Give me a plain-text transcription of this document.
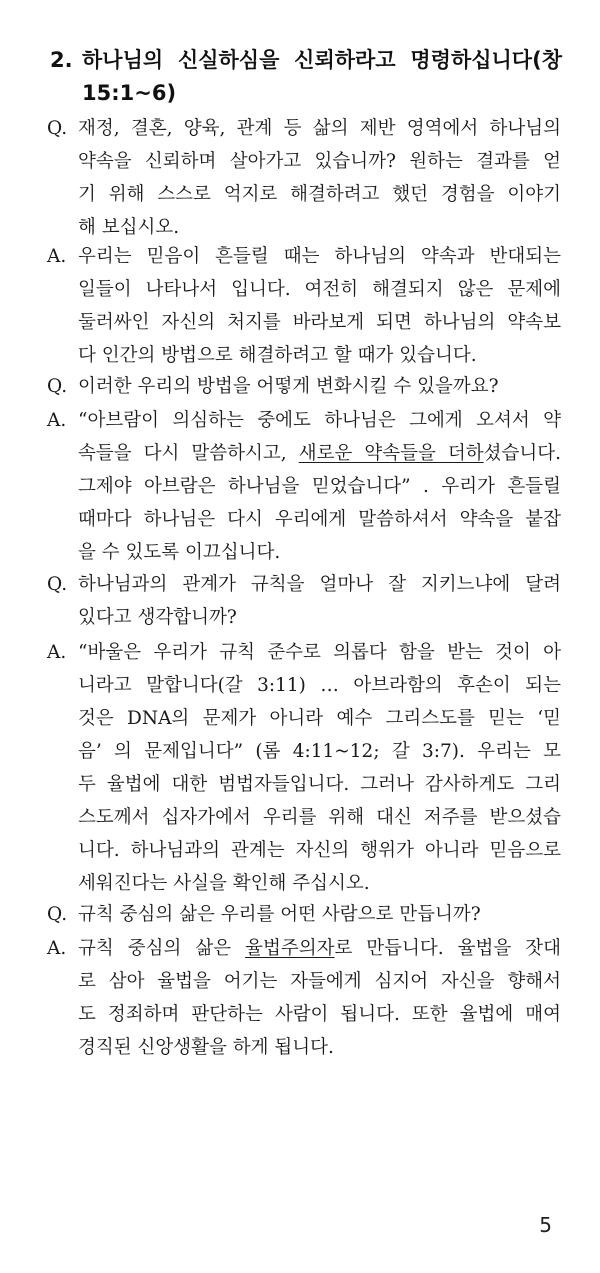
2. 하나님의 신실하심을 신뢰하라고 명령하십니다(창
15:1~6)
Q. 재정, 결혼, 양육, 관계 등 삶의 제반 영역에서 하나님의
약속을 신뢰하며 살아가고 있습니까? 원하는 결과를 얻
기 위해 스스로 억지로 해결하려고 했던 경험을 이야기
해 보십시오.
A. 우리는 믿음이 흔들릴 때는 하나님의 약속과 반대되는
일들이 나타나서 입니다. 여전히 해결되지 않은 문제에
둘러싸인 자신의 처지를 바라보게 되면 하나님의 약속보
다 인간의 방법으로 해결하려고 할 때가 있습니다.
Q. 이러한 우리의 방법을 어떻게 변화시킬 수 있을까요?
A. “아브람이 의심하는 중에도 하나님은 그에게 오셔서 약
속들을 다시 말씀하시고, 새로운 약속들을 더하셨습니다.
그제야 아브람은 하나님을 믿었습니다” . 우리가 흔들릴
때마다 하나님은 다시 우리에게 말씀하셔서 약속을 붙잡
을 수 있도록 이끄십니다.
Q. 하나님과의 관계가 규칙을 얼마나 잘 지키느냐에 달려
있다고 생각합니까?
A. “바울은 우리가 규칙 준수로 의롭다 함을 받는 것이 아
니라고 말합니다(갈 3:11) … 아브라함의 후손이 되는
것은 DNA의 문제가 아니라 예수 그리스도를 믿는 ‘믿
음’ 의 문제입니다” (롬 4:11~12; 갈 3:7). 우리는 모
두 율법에 대한 범법자들입니다. 그러나 감사하게도 그리
스도께서 십자가에서 우리를 위해 대신 저주를 받으셨습
니다. 하나님과의 관계는 자신의 행위가 아니라 믿음으로
세워진다는 사실을 확인해 주십시오.
Q. 규칙 중심의 삶은 우리를 어떤 사람으로 만듭니까?
A. 규칙 중심의 삶은 율법주의자로 만듭니다. 율법을 잣대
로 삼아 율법을 어기는 자들에게 심지어 자신을 향해서
도 정죄하며 판단하는 사람이 됩니다. 또한 율법에 매여
경직된 신앙생활을 하게 됩니다.
5
